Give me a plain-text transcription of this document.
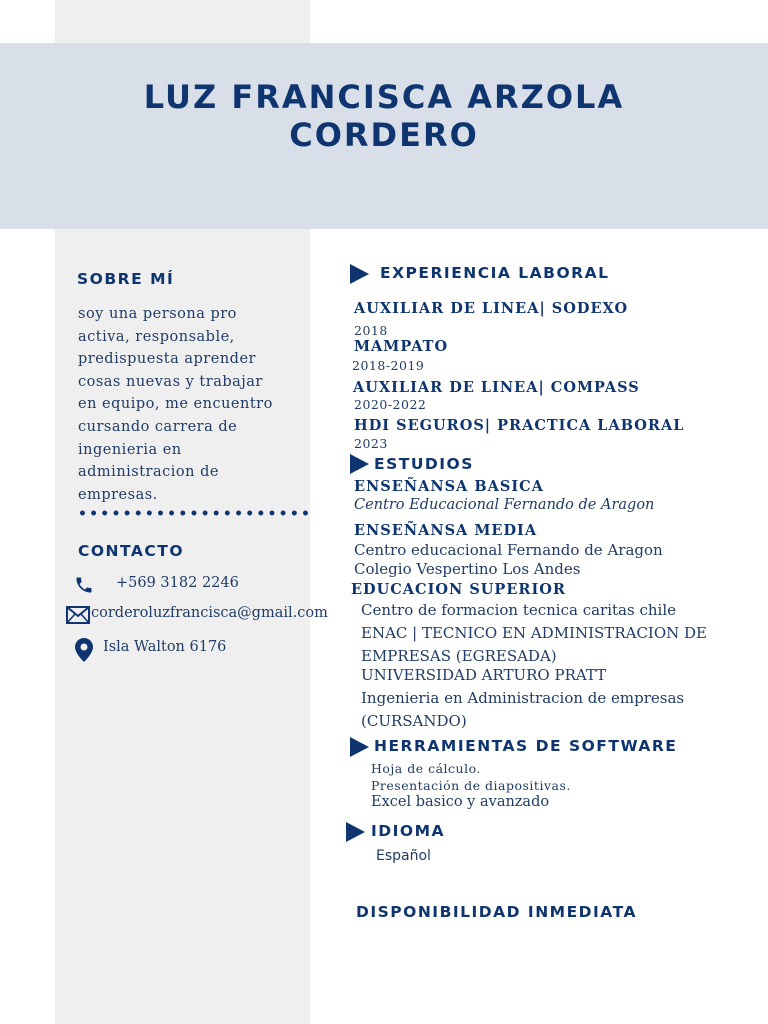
LUZ FRANCISCA ARZOLA
CORDERO
SOBRE MÍ
soy una persona pro
activa, responsable,
predispuesta aprender
cosas nuevas y trabajar
en equipo, me encuentro
cursando carrera de
ingenieria en
administracion de
empresas.
•••••••••••••••••••••
CONTACTO
+569 3182 2246
corderoluzfrancisca@gmail.com
Isla Walton 6176
EXPERIENCIA LABORAL
AUXILIAR DE LINEA| SODEXO
2018
MAMPATO
2018-2019
AUXILIAR DE LINEA| COMPASS
2020-2022
HDI SEGUROS| PRACTICA LABORAL
2023
ESTUDIOS
ENSEÑANSA BASICA
Centro Educacional Fernando de Aragon
ENSEÑANSA MEDIA
Centro educacional Fernando de Aragon
Colegio Vespertino Los Andes
EDUCACION SUPERIOR
Centro de formacion tecnica caritas chile
ENAC | TECNICO EN ADMINISTRACION DE
EMPRESAS (EGRESADA)
UNIVERSIDAD ARTURO PRATT
Ingenieria en Administracion de empresas
(CURSANDO)
HERRAMIENTAS DE SOFTWARE
Hoja de cálculo.
Presentación de diapositivas.
Excel basico y avanzado
IDIOMA
Español
DISPONIBILIDAD INMEDIATA
